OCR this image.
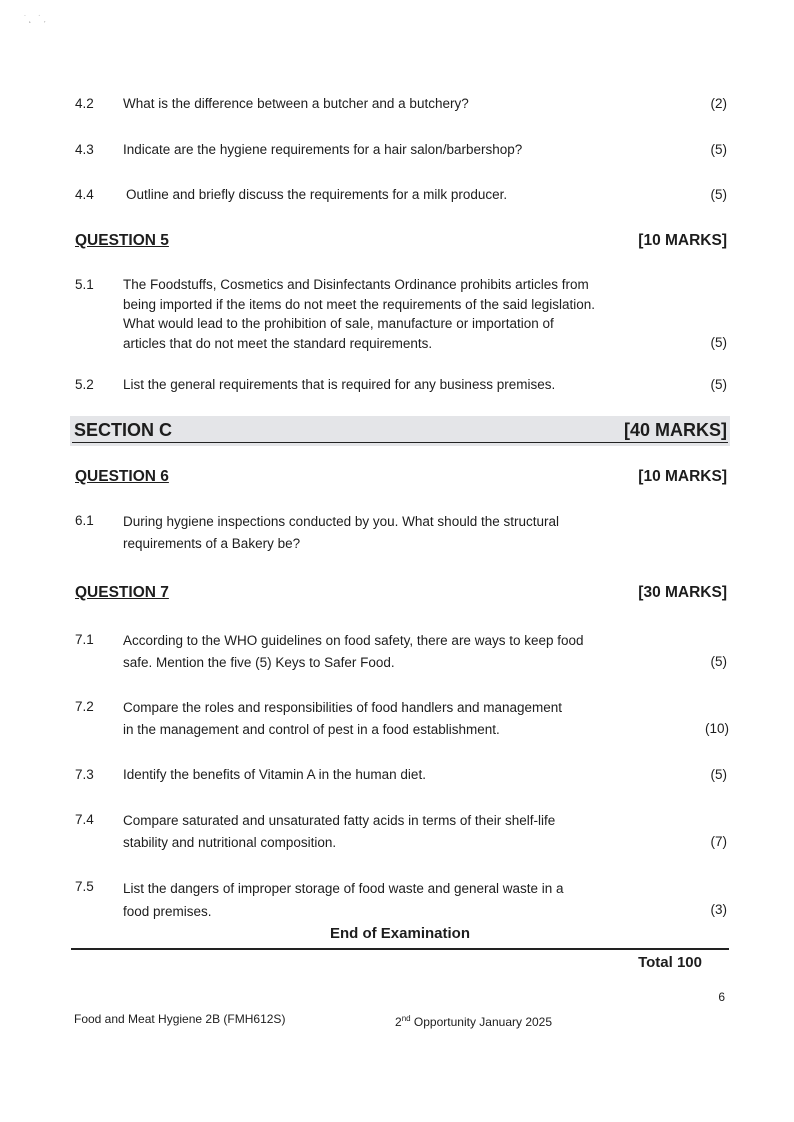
˙ ˛   ˙ ˏ
4.2 What is the difference between a butcher and a butchery?	(2)
4.3 Indicate are the hygiene requirements for a hair salon/barbershop?	(5)
4.4 Outline and briefly discuss the requirements for a milk producer.	(5)
QUESTION 5	[10 MARKS]
5.1 The Foodstuffs, Cosmetics and Disinfectants Ordinance prohibits articles from
being imported if the items do not meet the requirements of the said legislation.
What would lead to the prohibition of sale, manufacture or importation of
articles that do not meet the standard requirements.	(5)
5.2 List the general requirements that is required for any business premises.	(5)
SECTION C	[40 MARKS]
QUESTION 6	[10 MARKS]
6.1 During hygiene inspections conducted by you. What should the structural
requirements of a Bakery be?
QUESTION 7	[30 MARKS]
7.1 According to the WHO guidelines on food safety, there are ways to keep food
safe. Mention the five (5) Keys to Safer Food.	(5)
7.2 Compare the roles and responsibilities of food handlers and management
in the management and control of pest in a food establishment.	(10)
7.3 Identify the benefits of Vitamin A in the human diet.	(5)
7.4 Compare saturated and unsaturated fatty acids in terms of their shelf-life
stability and nutritional composition.	(7)
7.5 List the dangers of improper storage of food waste and general waste in a
food premises.	(3)
End of Examination
Total 100
6
Food and Meat Hygiene 2B (FMH612S)	2nd Opportunity January 2025
